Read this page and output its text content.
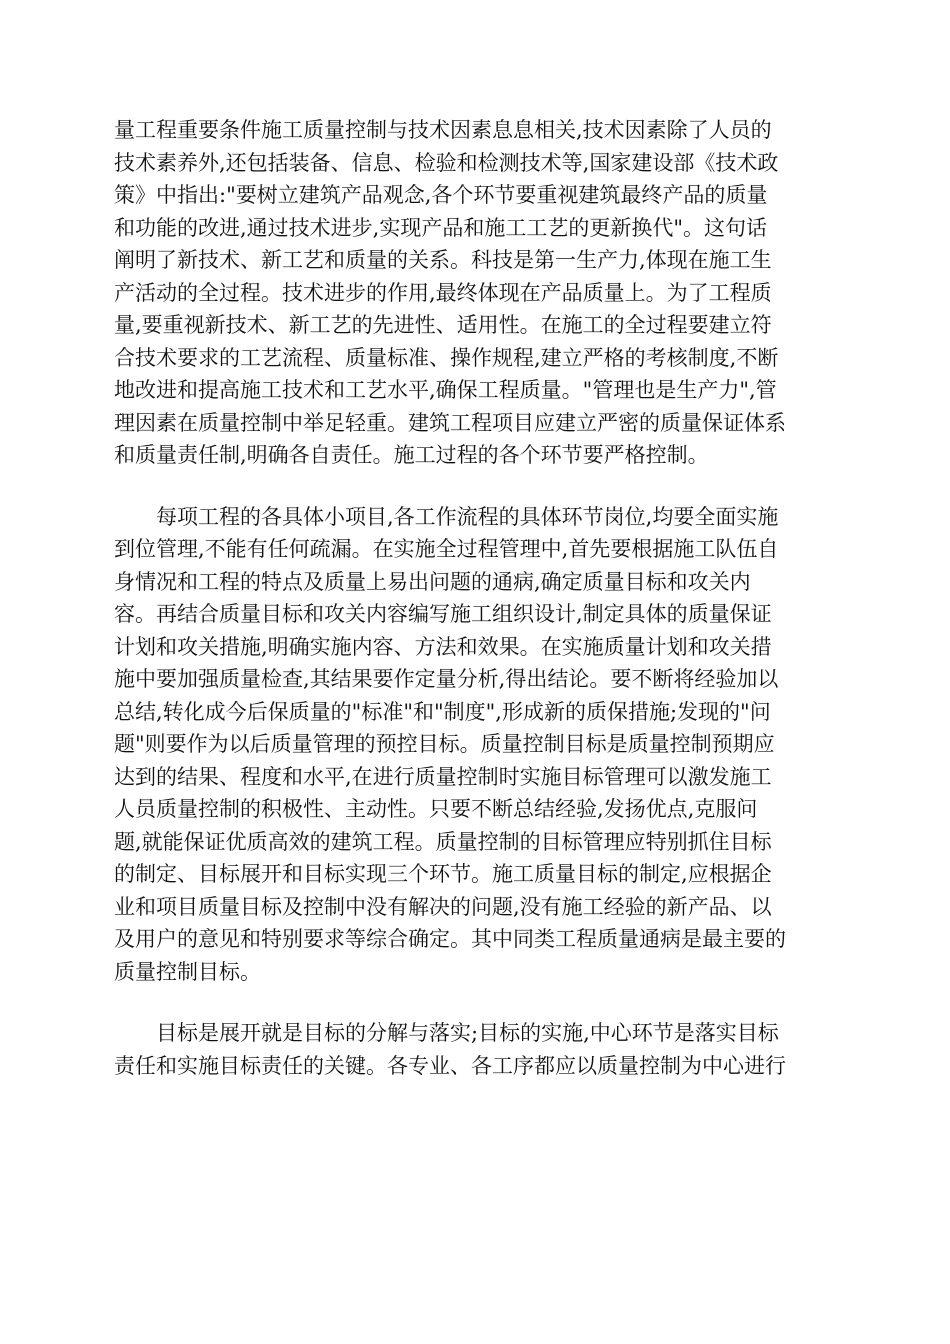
量工程重要条件施工质量控制与技术因素息息相关,技术因素除了人员的
技术素养外,还包括装备、信息、检验和检测技术等,国家建设部《技术政
策》中指出:"要树立建筑产品观念,各个环节要重视建筑最终产品的质量
和功能的改进,通过技术进步,实现产品和施工工艺的更新换代"。这句话
阐明了新技术、新工艺和质量的关系。科技是第一生产力,体现在施工生
产活动的全过程。技术进步的作用,最终体现在产品质量上。为了工程质
量,要重视新技术、新工艺的先进性、适用性。在施工的全过程要建立符
合技术要求的工艺流程、质量标准、操作规程,建立严格的考核制度,不断
地改进和提高施工技术和工艺水平,确保工程质量。"管理也是生产力",管
理因素在质量控制中举足轻重。建筑工程项目应建立严密的质量保证体系
和质量责任制,明确各自责任。施工过程的各个环节要严格控制。

每项工程的各具体小项目,各工作流程的具体环节岗位,均要全面实施
到位管理,不能有任何疏漏。在实施全过程管理中,首先要根据施工队伍自
身情况和工程的特点及质量上易出问题的通病,确定质量目标和攻关内
容。再结合质量目标和攻关内容编写施工组织设计,制定具体的质量保证
计划和攻关措施,明确实施内容、方法和效果。在实施质量计划和攻关措
施中要加强质量检查,其结果要作定量分析,得出结论。要不断将经验加以
总结,转化成今后保质量的"标准"和"制度",形成新的质保措施;发现的"问
题"则要作为以后质量管理的预控目标。质量控制目标是质量控制预期应
达到的结果、程度和水平,在进行质量控制时实施目标管理可以激发施工
人员质量控制的积极性、主动性。只要不断总结经验,发扬优点,克服问
题,就能保证优质高效的建筑工程。质量控制的目标管理应特别抓住目标
的制定、目标展开和目标实现三个环节。施工质量目标的制定,应根据企
业和项目质量目标及控制中没有解决的问题,没有施工经验的新产品、以
及用户的意见和特别要求等综合确定。其中同类工程质量通病是最主要的
质量控制目标。

目标是展开就是目标的分解与落实;目标的实施,中心环节是落实目标
责任和实施目标责任的关键。各专业、各工序都应以质量控制为中心进行
